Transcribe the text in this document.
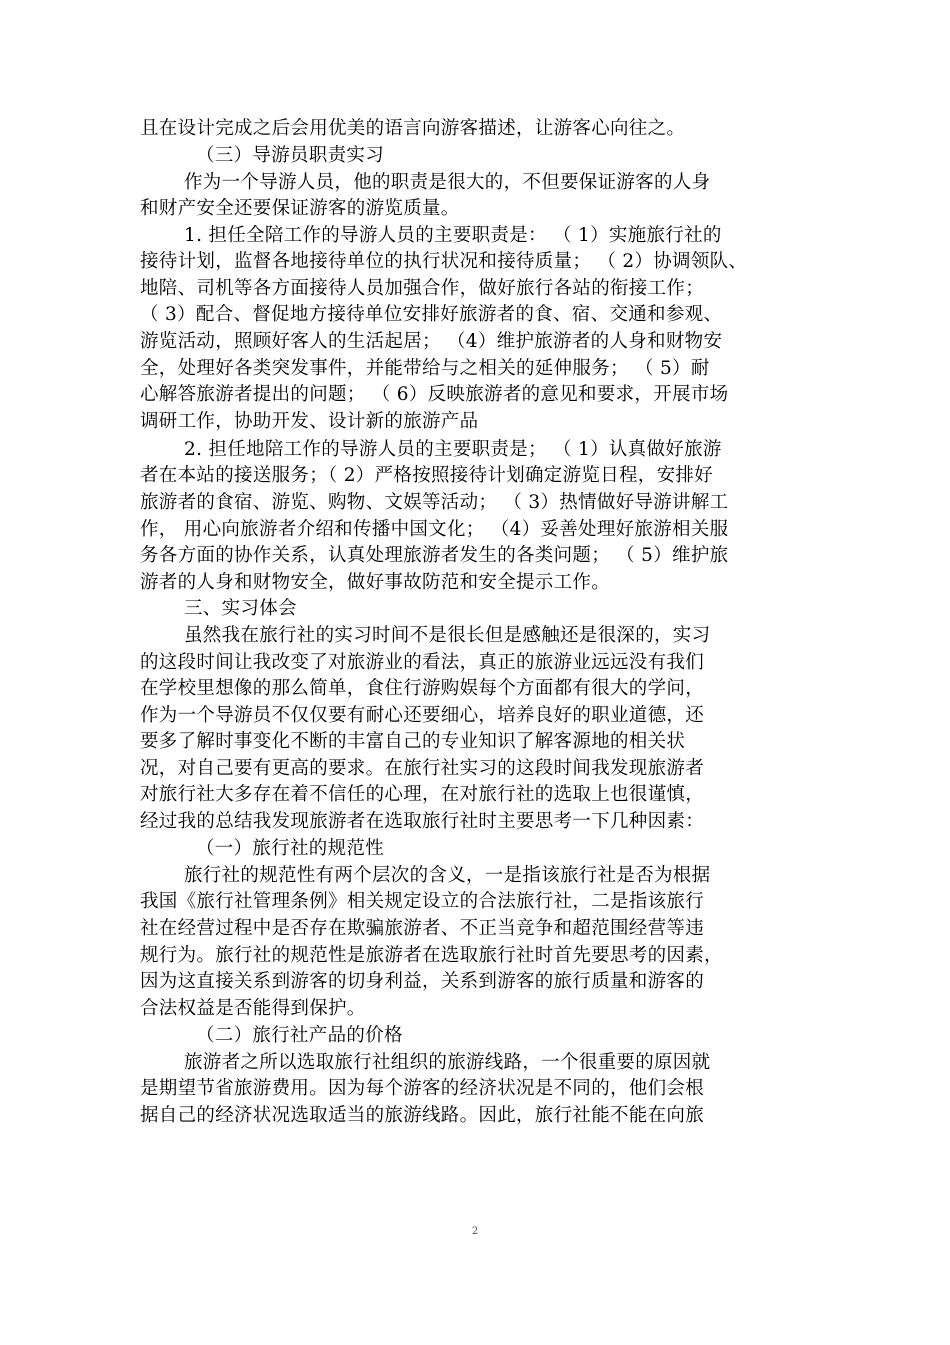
且在设计完成之后会用优美的语言向游客描述，让游客心向往之。
（三）导游员职责实习
作为一个导游人员，他的职责是很大的，不但要保证游客的人身
和财产安全还要保证游客的游览质量。
1. 担任全陪工作的导游人员的主要职责是： （ 1）实施旅行社的
接待计划，监督各地接待单位的执行状况和接待质量； （ 2）协调领队、
地陪、司机等各方面接待人员加强合作，做好旅行各站的衔接工作；
（ 3）配合、督促地方接待单位安排好旅游者的食、宿、交通和参观、
游览活动，照顾好客人的生活起居； （4）维护旅游者的人身和财物安
全，处理好各类突发事件，并能带给与之相关的延伸服务； （ 5）耐
心解答旅游者提出的问题； （ 6）反映旅游者的意见和要求，开展市场
调研工作，协助开发、设计新的旅游产品
2. 担任地陪工作的导游人员的主要职责是； （ 1）认真做好旅游
者在本站的接送服务；（ 2）严格按照接待计划确定游览日程，安排好
旅游者的食宿、游览、购物、文娱等活动； （ 3）热情做好导游讲解工
作， 用心向旅游者介绍和传播中国文化； （4）妥善处理好旅游相关服
务各方面的协作关系，认真处理旅游者发生的各类问题； （ 5）维护旅
游者的人身和财物安全，做好事故防范和安全提示工作。
三、实习体会
虽然我在旅行社的实习时间不是很长但是感触还是很深的，实习
的这段时间让我改变了对旅游业的看法，真正的旅游业远远没有我们
在学校里想像的那么简单，食住行游购娱每个方面都有很大的学问，
作为一个导游员不仅仅要有耐心还要细心，培养良好的职业道德，还
要多了解时事变化不断的丰富自己的专业知识了解客源地的相关状
况，对自己要有更高的要求。在旅行社实习的这段时间我发现旅游者
对旅行社大多存在着不信任的心理，在对旅行社的选取上也很谨慎，
经过我的总结我发现旅游者在选取旅行社时主要思考一下几种因素：
（一）旅行社的规范性
旅行社的规范性有两个层次的含义，一是指该旅行社是否为根据
我国《旅行社管理条例》相关规定设立的合法旅行社，二是指该旅行
社在经营过程中是否存在欺骗旅游者、不正当竞争和超范围经营等违
规行为。旅行社的规范性是旅游者在选取旅行社时首先要思考的因素，
因为这直接关系到游客的切身利益，关系到游客的旅行质量和游客的
合法权益是否能得到保护。
（二）旅行社产品的价格
旅游者之所以选取旅行社组织的旅游线路，一个很重要的原因就
是期望节省旅游费用。因为每个游客的经济状况是不同的，他们会根
据自己的经济状况选取适当的旅游线路。因此，旅行社能不能在向旅
2
